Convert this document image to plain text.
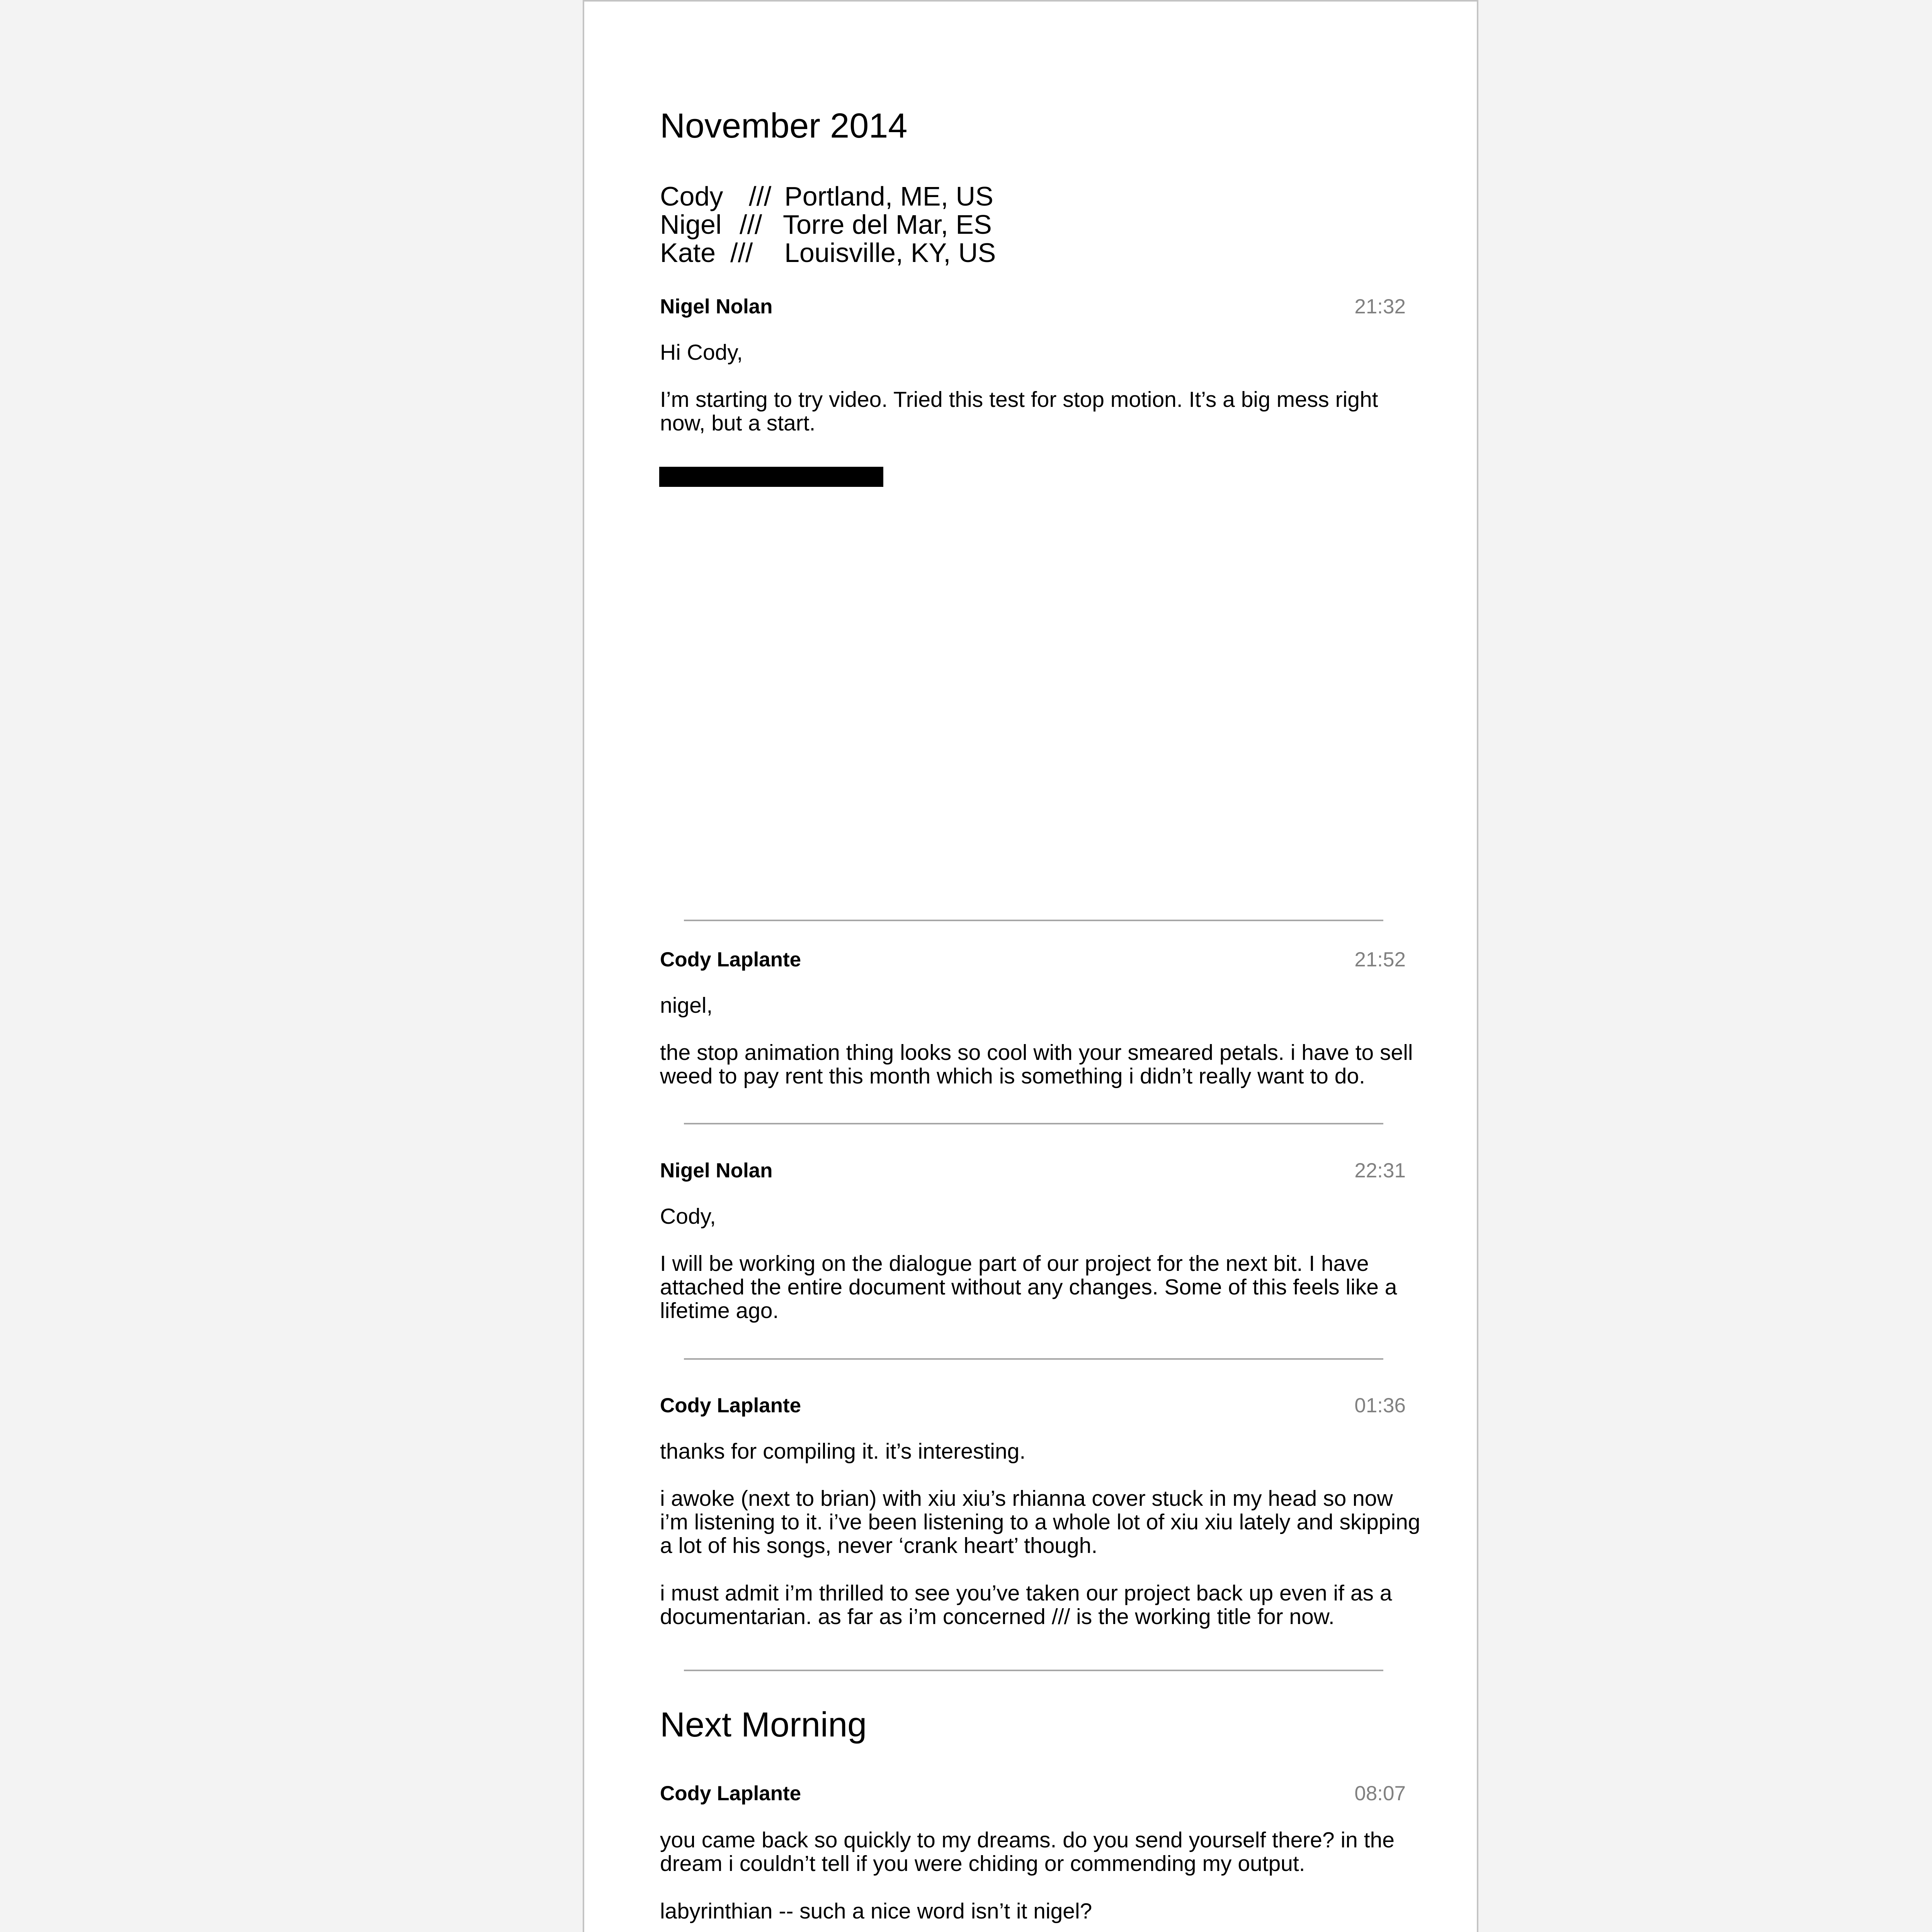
November 2014
Cody /// Portland, ME, US
Nigel /// Torre del Mar, ES
Kate /// Louisville, KY, US
Nigel Nolan	21:32
Hi Cody,
I’m starting to try video. Tried this test for stop motion. It’s a big mess right
now, but a start.
Cody Laplante	21:52
nigel,
the stop animation thing looks so cool with your smeared petals. i have to sell
weed to pay rent this month which is something i didn’t really want to do.
Nigel Nolan	22:31
Cody,
I will be working on the dialogue part of our project for the next bit. I have
attached the entire document without any changes. Some of this feels like a
lifetime ago.
Cody Laplante	01:36
thanks for compiling it. it’s interesting.
i awoke (next to brian) with xiu xiu’s rhianna cover stuck in my head so now
i’m listening to it. i’ve been listening to a whole lot of xiu xiu lately and skipping
a lot of his songs, never ‘crank heart’ though.
i must admit i’m thrilled to see you’ve taken our project back up even if as a
documentarian. as far as i’m concerned /// is the working title for now.
Next Morning
Cody Laplante	08:07
you came back so quickly to my dreams. do you send yourself there? in the
dream i couldn’t tell if you were chiding or commending my output.
labyrinthian -- such a nice word isn’t it nigel?
